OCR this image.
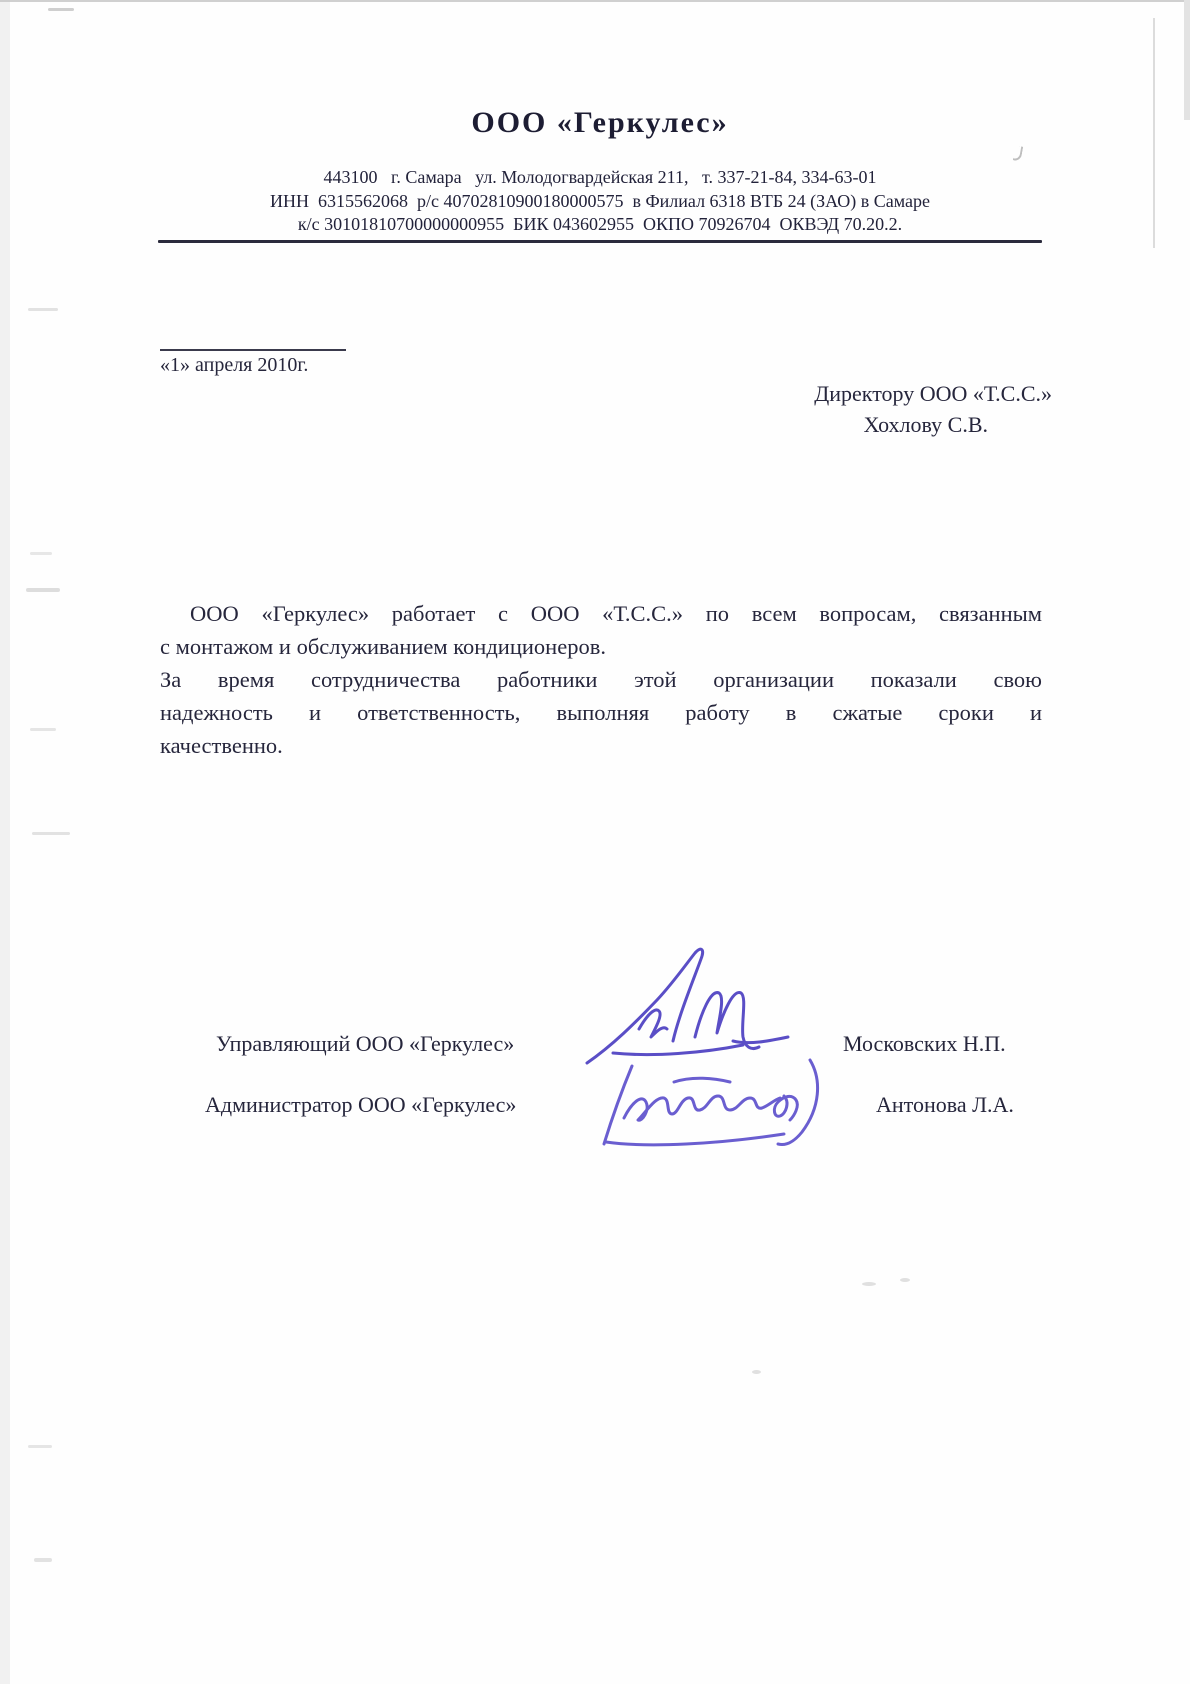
ООО «Геркулес»
443100   г. Самара   ул. Молодогвардейская 211,   т. 337-21-84, 334-63-01
ИНН  6315562068  р/с 40702810900180000575  в Филиал 6318 ВТБ 24 (ЗАО) в Самаре
к/с 30101810700000000955  БИК 043602955  ОКПО 70926704  ОКВЭД 70.20.2.
«1» апреля 2010г.
Директору ООО «Т.С.С.»
Хохлову С.В.
ООО «Геркулес» работает с ООО «Т.С.С.» по всем вопросам, связанным
с монтажом и обслуживанием кондиционеров.
За время сотрудничества работники этой организации показали свою
надежность и ответственность, выполняя работу в сжатые сроки и
качественно.
Управляющий ООО «Геркулес»	Московских Н.П.
Администратор ООО «Геркулес»	Антонова Л.А.
